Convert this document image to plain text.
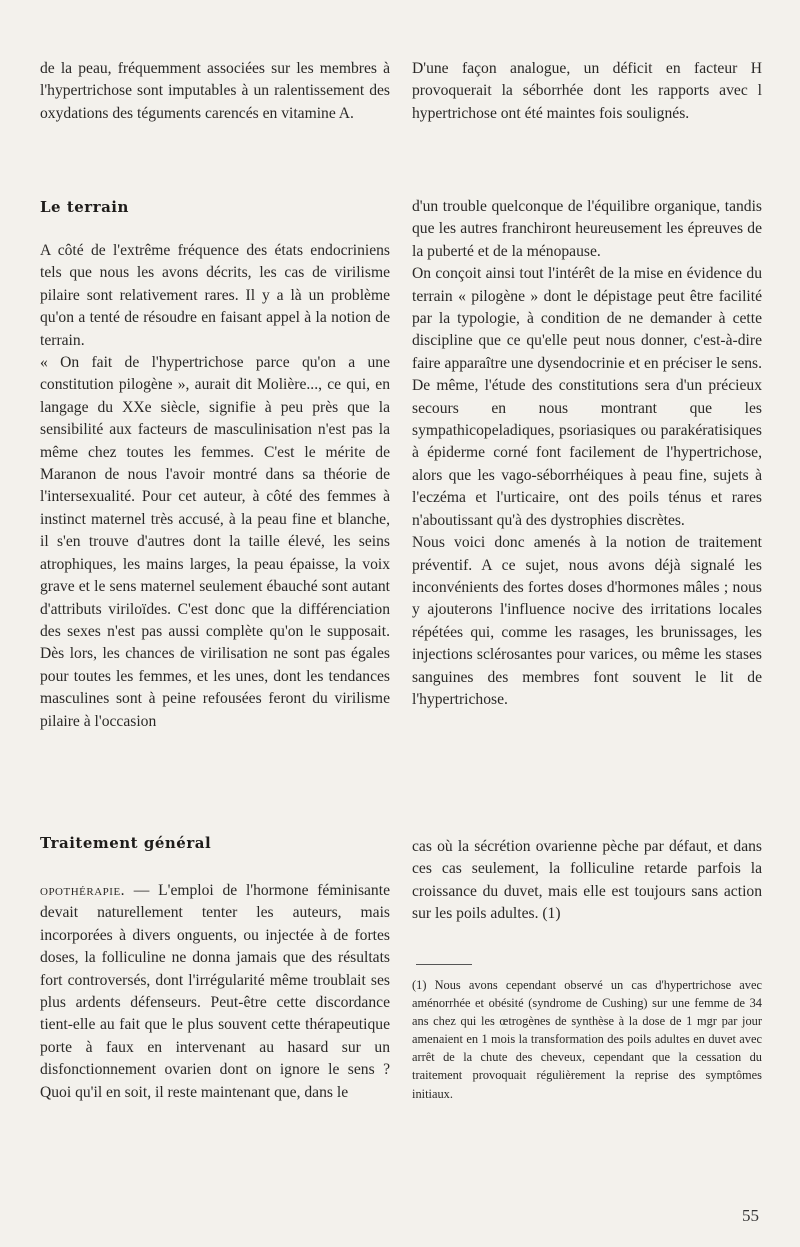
de la peau, fréquemment associées sur les membres à l'hypertrichose sont imputables à un ralentissement des oxydations des téguments carencés en vitamine A.

D'une façon analogue, un déficit en facteur H provoquerait la séborrhée dont les rapports avec l hypertrichose ont été maintes fois soulignés.

Le terrain

A côté de l'extrême fréquence des états endocriniens tels que nous les avons décrits, les cas de virilisme pilaire sont relativement rares. Il y a là un problème qu'on a tenté de résoudre en faisant appel à la notion de terrain.

« On fait de l'hypertrichose parce qu'on a une constitution pilogène », aurait dit Molière..., ce qui, en langage du XXe siècle, signifie à peu près que la sensibilité aux facteurs de masculinisation n'est pas la même chez toutes les femmes. C'est le mérite de Maranon de nous l'avoir montré dans sa théorie de l'intersexualité. Pour cet auteur, à côté des femmes à instinct maternel très accusé, à la peau fine et blanche, il s'en trouve d'autres dont la taille élevé, les seins atrophiques, les mains larges, la peau épaisse, la voix grave et le sens maternel seulement ébauché sont autant d'attributs viriloïdes. C'est donc que la différenciation des sexes n'est pas aussi complète qu'on le supposait. Dès lors, les chances de virilisation ne sont pas égales pour toutes les femmes, et les unes, dont les tendances masculines sont à peine refousées feront du virilisme pilaire à l'occasion

d'un trouble quelconque de l'équilibre organique, tandis que les autres franchiront heureusement les épreuves de la puberté et de la ménopause.

On conçoit ainsi tout l'intérêt de la mise en évidence du terrain « pilogène » dont le dépistage peut être facilité par la typologie, à condition de ne demander à cette discipline que ce qu'elle peut nous donner, c'est-à-dire faire apparaître une dysendocrinie et en préciser le sens. De même, l'étude des constitutions sera d'un précieux secours en nous montrant que les sympathicopeladiques, psoriasiques ou parakératisiques à épiderme corné font facilement de l'hypertrichose, alors que les vago-séborrhéiques à peau fine, sujets à l'eczéma et l'urticaire, ont des poils ténus et rares n'aboutissant qu'à des dystrophies discrètes.

Nous voici donc amenés à la notion de traitement préventif. A ce sujet, nous avons déjà signalé les inconvénients des fortes doses d'hormones mâles ; nous y ajouterons l'influence nocive des irritations locales répétées qui, comme les rasages, les brunissages, les injections sclérosantes pour varices, ou même les stases sanguines des membres font souvent le lit de l'hypertrichose.

Traitement général

opothérapie. — L'emploi de l'hormone féminisante devait naturellement tenter les auteurs, mais incorporées à divers onguents, ou injectée à de fortes doses, la folliculine ne donna jamais que des résultats fort controversés, dont l'irrégularité même troublait ses plus ardents défenseurs. Peut-être cette discordance tient-elle au fait que le plus souvent cette thérapeutique porte à faux en intervenant au hasard sur un disfonctionnement ovarien dont on ignore le sens ? Quoi qu'il en soit, il reste maintenant que, dans le

cas où la sécrétion ovarienne pèche par défaut, et dans ces cas seulement, la folliculine retarde parfois la croissance du duvet, mais elle est toujours sans action sur les poils adultes. (1)

(1) Nous avons cependant observé un cas d'hypertrichose avec aménorrhée et obésité (syndrome de Cushing) sur une femme de 34 ans chez qui les œtrogènes de synthèse à la dose de 1 mgr par jour amenaient en 1 mois la transformation des poils adultes en duvet avec arrêt de la chute des cheveux, cependant que la cessation du traitement provoquait régulièrement la reprise des symptômes initiaux.

55
